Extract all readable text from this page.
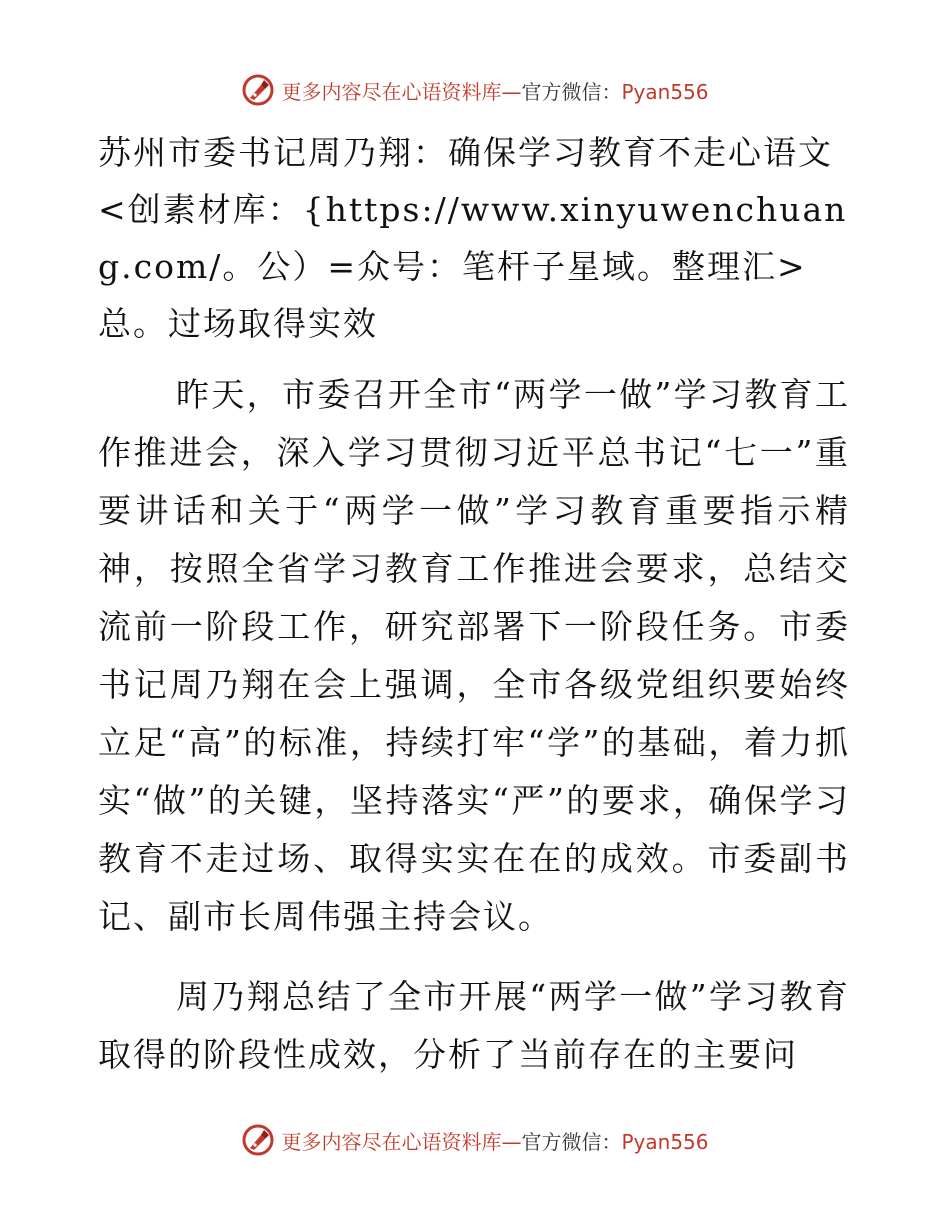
更多内容尽在心语资料库—官方微信：Pyan556
苏州市委书记周乃翔：确保学习教育不走心语文<创素材库：{https://www.xinyuwenchuang.com/。公）=众号：笔杆子星域。整理汇>总。过场取得实效

昨天，市委召开全市“两学一做”学习教育工作推进会，深入学习贯彻习近平总书记“七一”重要讲话和关于“两学一做”学习教育重要指示精神，按照全省学习教育工作推进会要求，总结交流前一阶段工作，研究部署下一阶段任务。市委书记周乃翔在会上强调，全市各级党组织要始终立足“高”的标准，持续打牢“学”的基础，着力抓实“做”的关键，坚持落实“严”的要求，确保学习教育不走过场、取得实实在在的成效。市委副书记、副市长周伟强主持会议。

周乃翔总结了全市开展“两学一做”学习教育取得的阶段性成效，分析了当前存在的主要问

更多内容尽在心语资料库—官方微信：Pyan556
